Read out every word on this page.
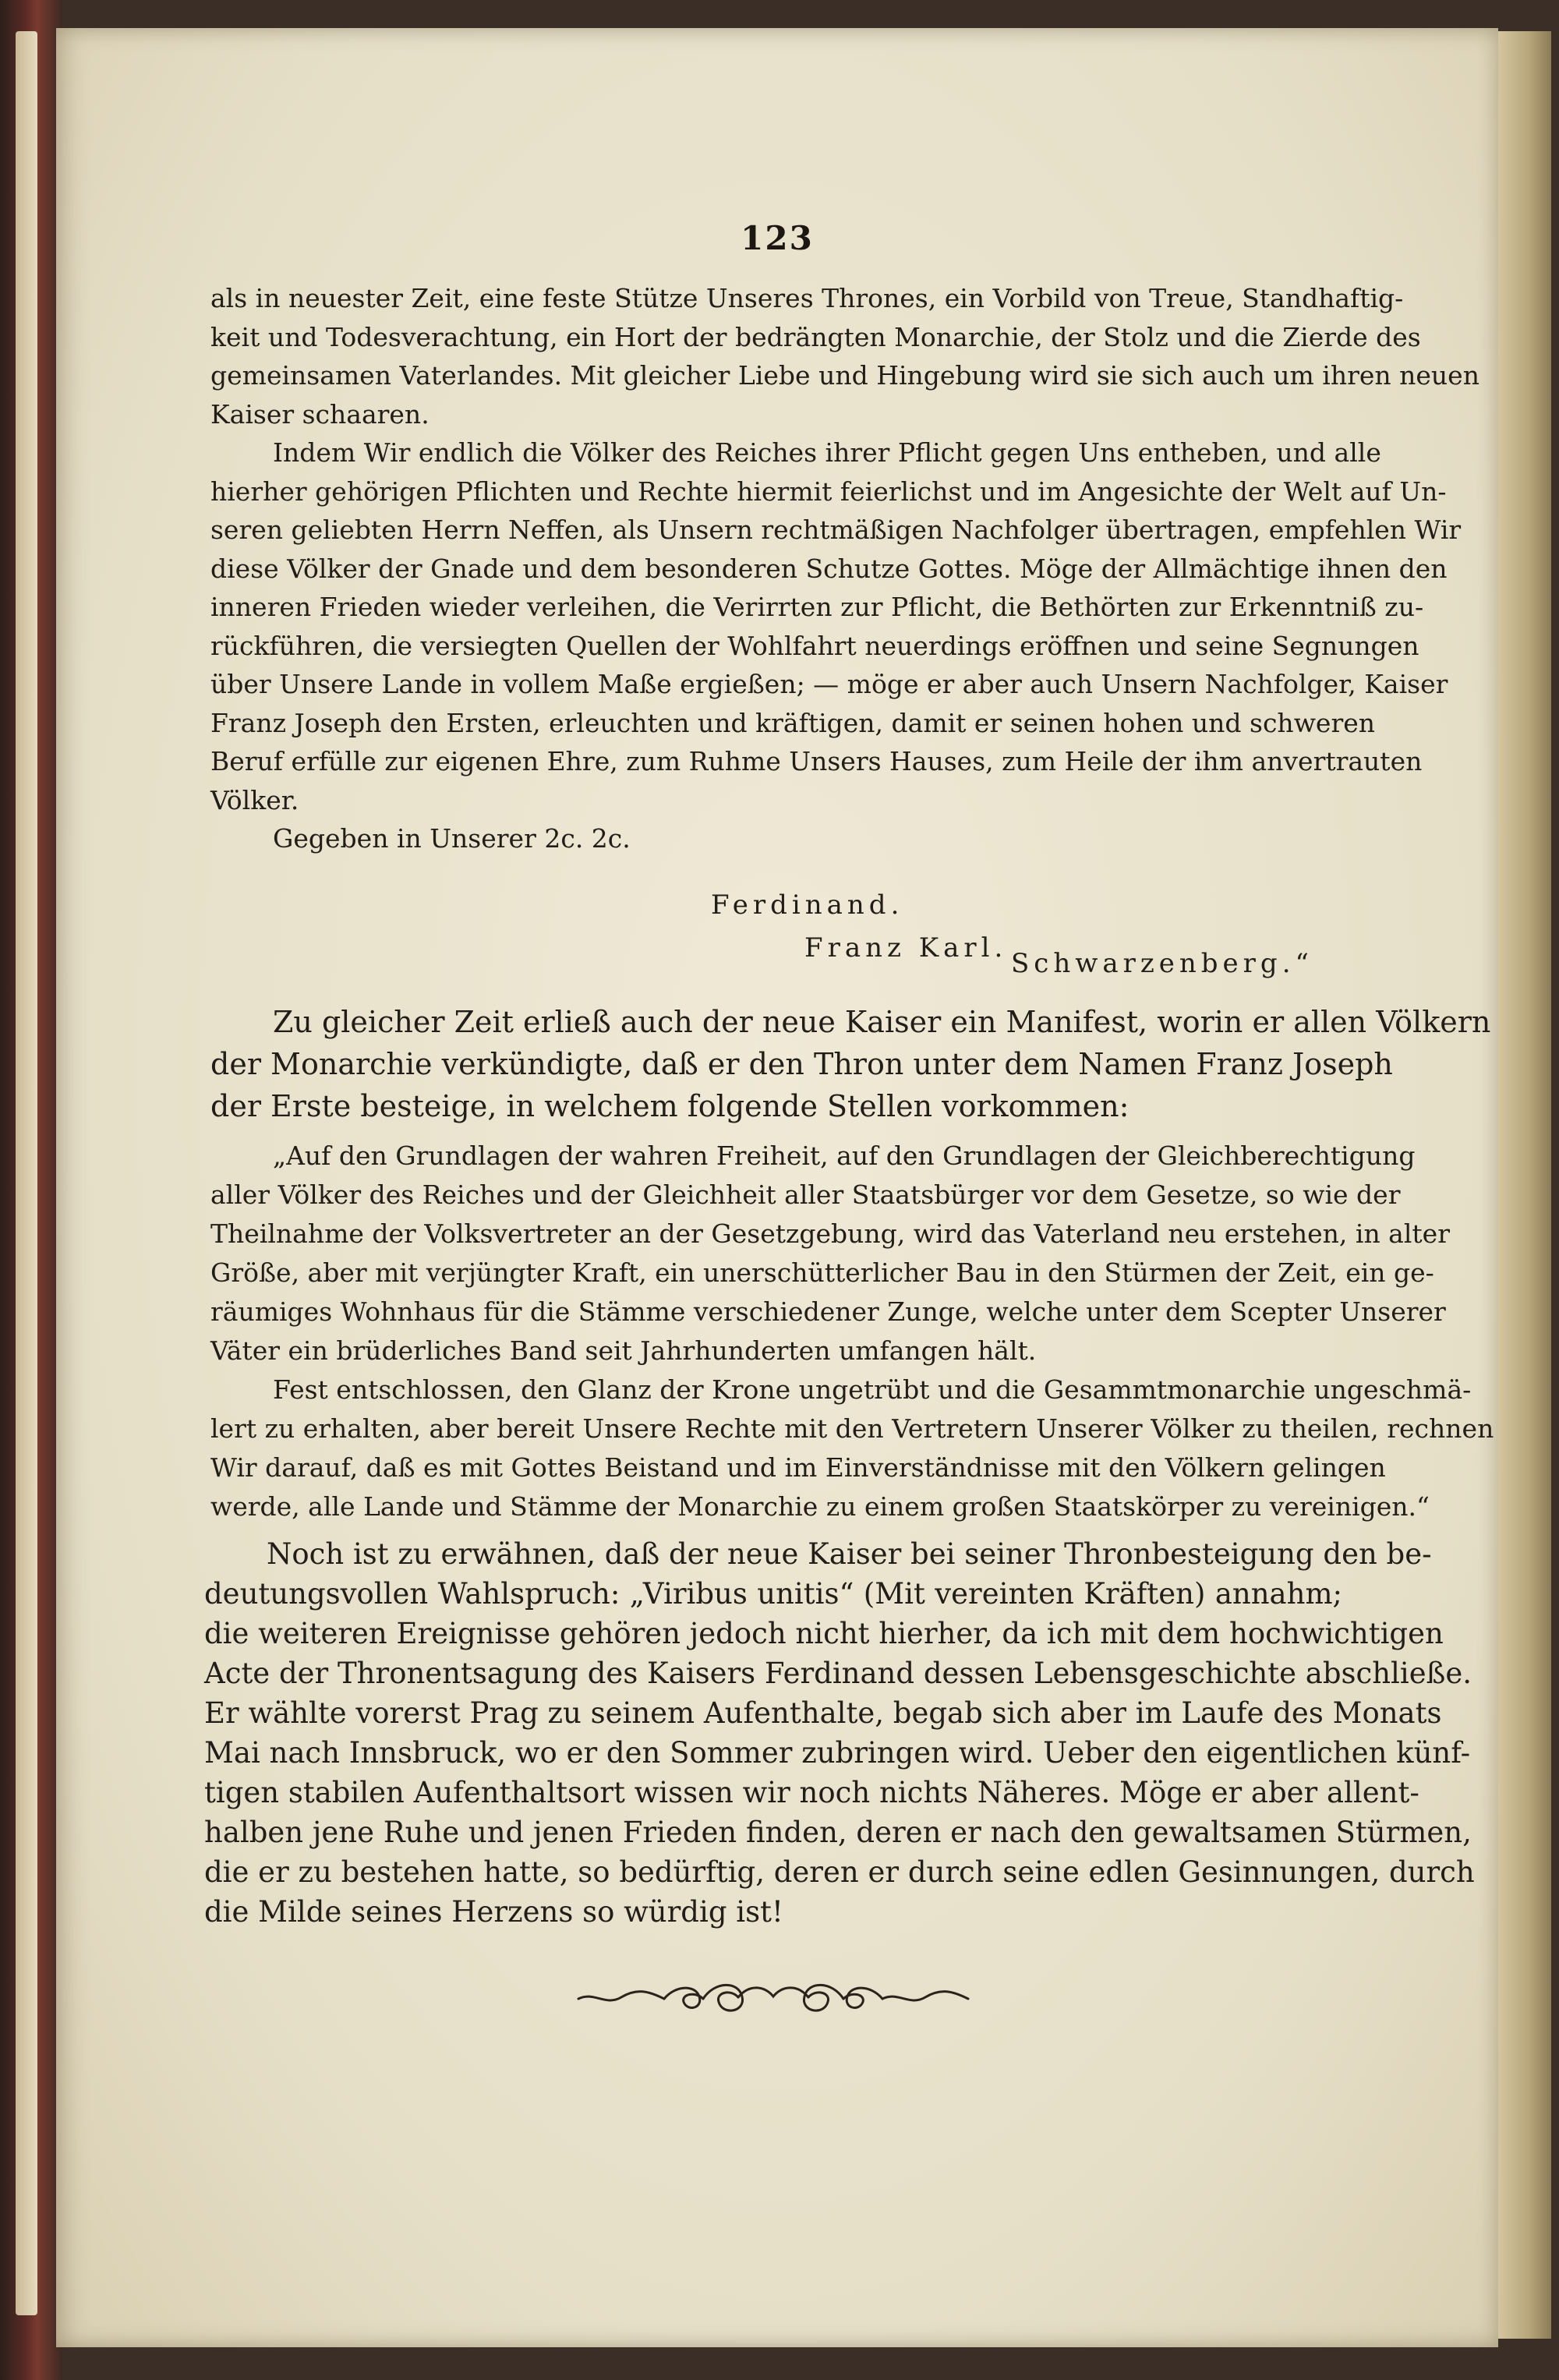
123
als in neuester Zeit, eine feste Stütze Unseres Thrones, ein Vorbild von Treue, Standhaftig-
keit und Todesverachtung, ein Hort der bedrängten Monarchie, der Stolz und die Zierde des
gemeinsamen Vaterlandes. Mit gleicher Liebe und Hingebung wird sie sich auch um ihren neuen
Kaiser schaaren.
Indem Wir endlich die Völker des Reiches ihrer Pflicht gegen Uns entheben, und alle
hierher gehörigen Pflichten und Rechte hiermit feierlichst und im Angesichte der Welt auf Un-
seren geliebten Herrn Neffen, als Unsern rechtmäßigen Nachfolger übertragen, empfehlen Wir
diese Völker der Gnade und dem besonderen Schutze Gottes. Möge der Allmächtige ihnen den
inneren Frieden wieder verleihen, die Verirrten zur Pflicht, die Bethörten zur Erkenntniß zu-
rückführen, die versiegten Quellen der Wohlfahrt neuerdings eröffnen und seine Segnungen
über Unsere Lande in vollem Maße ergießen; — möge er aber auch Unsern Nachfolger, Kaiser
Franz Joseph den Ersten, erleuchten und kräftigen, damit er seinen hohen und schweren
Beruf erfülle zur eigenen Ehre, zum Ruhme Unsers Hauses, zum Heile der ihm anvertrauten
Völker.
Gegeben in Unserer 2c. 2c.
Ferdinand.
Franz Karl. Schwarzenberg.“
Zu gleicher Zeit erließ auch der neue Kaiser ein Manifest, worin er allen Völkern
der Monarchie verkündigte, daß er den Thron unter dem Namen Franz Joseph
der Erste besteige, in welchem folgende Stellen vorkommen:
„Auf den Grundlagen der wahren Freiheit, auf den Grundlagen der Gleichberechtigung
aller Völker des Reiches und der Gleichheit aller Staatsbürger vor dem Gesetze, so wie der
Theilnahme der Volksvertreter an der Gesetzgebung, wird das Vaterland neu erstehen, in alter
Größe, aber mit verjüngter Kraft, ein unerschütterlicher Bau in den Stürmen der Zeit, ein ge-
räumiges Wohnhaus für die Stämme verschiedener Zunge, welche unter dem Scepter Unserer
Väter ein brüderliches Band seit Jahrhunderten umfangen hält.
Fest entschlossen, den Glanz der Krone ungetrübt und die Gesammtmonarchie ungeschmä-
lert zu erhalten, aber bereit Unsere Rechte mit den Vertretern Unserer Völker zu theilen, rechnen
Wir darauf, daß es mit Gottes Beistand und im Einverständnisse mit den Völkern gelingen
werde, alle Lande und Stämme der Monarchie zu einem großen Staatskörper zu vereinigen.“
Noch ist zu erwähnen, daß der neue Kaiser bei seiner Thronbesteigung den be-
deutungsvollen Wahlspruch: „Viribus unitis“ (Mit vereinten Kräften) annahm;
die weiteren Ereignisse gehören jedoch nicht hierher, da ich mit dem hochwichtigen
Acte der Thronentsagung des Kaisers Ferdinand dessen Lebensgeschichte abschließe.
Er wählte vorerst Prag zu seinem Aufenthalte, begab sich aber im Laufe des Monats
Mai nach Innsbruck, wo er den Sommer zubringen wird. Ueber den eigentlichen künf-
tigen stabilen Aufenthaltsort wissen wir noch nichts Näheres. Möge er aber allent-
halben jene Ruhe und jenen Frieden finden, deren er nach den gewaltsamen Stürmen,
die er zu bestehen hatte, so bedürftig, deren er durch seine edlen Gesinnungen, durch
die Milde seines Herzens so würdig ist!
